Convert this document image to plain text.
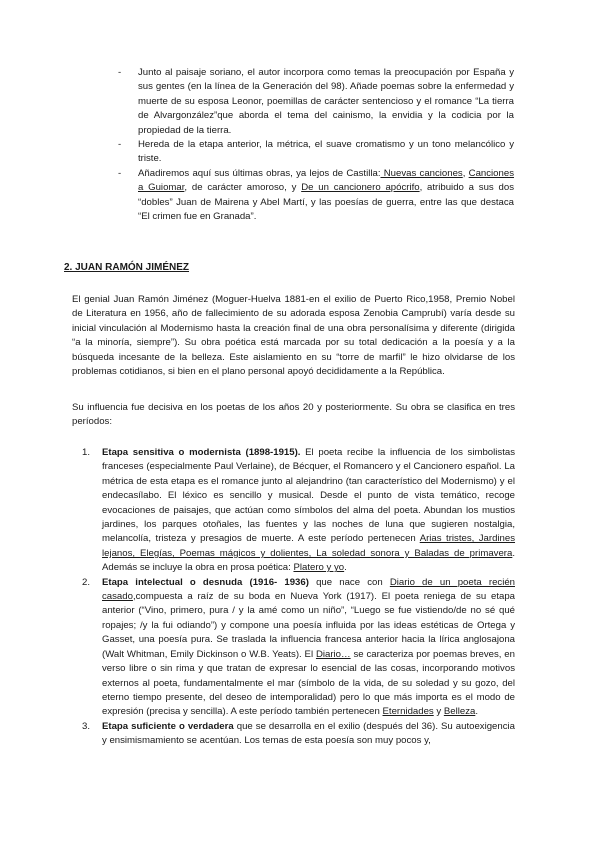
-	Junto al paisaje soriano, el autor incorpora como temas la preocupación por España y sus gentes (en la línea de la Generación del 98). Añade poemas sobre la enfermedad y muerte de su esposa Leonor, poemillas de carácter sentencioso y el romance “La tierra de Alvargonzález”que aborda el tema del cainismo, la envidia y la codicia por la propiedad de la tierra.

-	Hereda de la etapa anterior, la métrica, el suave cromatismo y un tono melancólico y triste.

-	Añadiremos aquí sus últimas obras, ya lejos de Castilla: Nuevas canciones, Canciones a Guiomar, de carácter amoroso, y De un cancionero apócrifo, atribuido a sus dos “dobles” Juan de Mairena y Abel Martí, y las poesías de guerra, entre las que destaca “El crimen fue en Granada”.

2. JUAN RAMÓN JIMÉNEZ

El genial Juan Ramón Jiménez (Moguer-Huelva 1881-en el exilio de Puerto Rico,1958, Premio Nobel de Literatura en 1956, año de fallecimiento de su adorada esposa Zenobia Camprubí) varía desde su inicial vinculación al Modernismo hasta la creación final de una obra personalísima y diferente (dirigida “a la minoría, siempre”). Su obra poética está marcada por su total dedicación a la poesía y a la búsqueda incesante de la belleza. Este aislamiento en su “torre de marfil” le hizo olvidarse de los problemas cotidianos, si bien en el plano personal apoyó decididamente a la República.

Su influencia fue decisiva en los poetas de los años 20 y posteriormente. Su obra se clasifica en tres períodos:

1.	Etapa sensitiva o modernista (1898-1915). El poeta recibe la influencia de los simbolistas franceses (especialmente Paul Verlaine), de Bécquer, el Romancero y el Cancionero español. La métrica de esta etapa es el romance junto al alejandrino (tan característico del Modernismo) y el endecasílabo. El léxico es sencillo y musical. Desde el punto de vista temático, recoge evocaciones de paisajes, que actúan como símbolos del alma del poeta. Abundan los mustios jardines, los parques otoñales, las fuentes y las noches de luna que sugieren nostalgia, melancolía, tristeza y presagios de muerte. A este período pertenecen Arias tristes, Jardines lejanos, Elegías, Poemas mágicos y dolientes, La soledad sonora y Baladas de primavera. Además se incluye la obra en prosa poética: Platero y yo.

2.	Etapa intelectual o desnuda (1916- 1936) que nace con Diario de un poeta recién casado,compuesta a raíz de su boda en Nueva York (1917). El poeta reniega de su etapa anterior (“Vino, primero, pura / y la amé como un niño”, “Luego se fue vistiendo/de no sé qué ropajes; /y la fui odiando”) y compone una poesía influida por las ideas estéticas de Ortega y Gasset, una poesía pura. Se traslada la influencia francesa anterior hacia la lírica anglosajona (Walt Whitman, Emily Dickinson o W.B. Yeats). El Diario… se caracteriza por poemas breves, en verso libre o sin rima y que tratan de expresar lo esencial de las cosas, incorporando motivos externos al poeta, fundamentalmente el mar (símbolo de la vida, de su soledad y su gozo, del eterno tiempo presente, del deseo de intemporalidad) pero lo que más importa es el modo de expresión (precisa y sencilla). A este período también pertenecen Eternidades y Belleza.

3.	Etapa suficiente o verdadera que se desarrolla en el exilio (después del 36). Su autoexigencia y ensimismamiento se acentúan. Los temas de esta poesía son muy pocos y,
